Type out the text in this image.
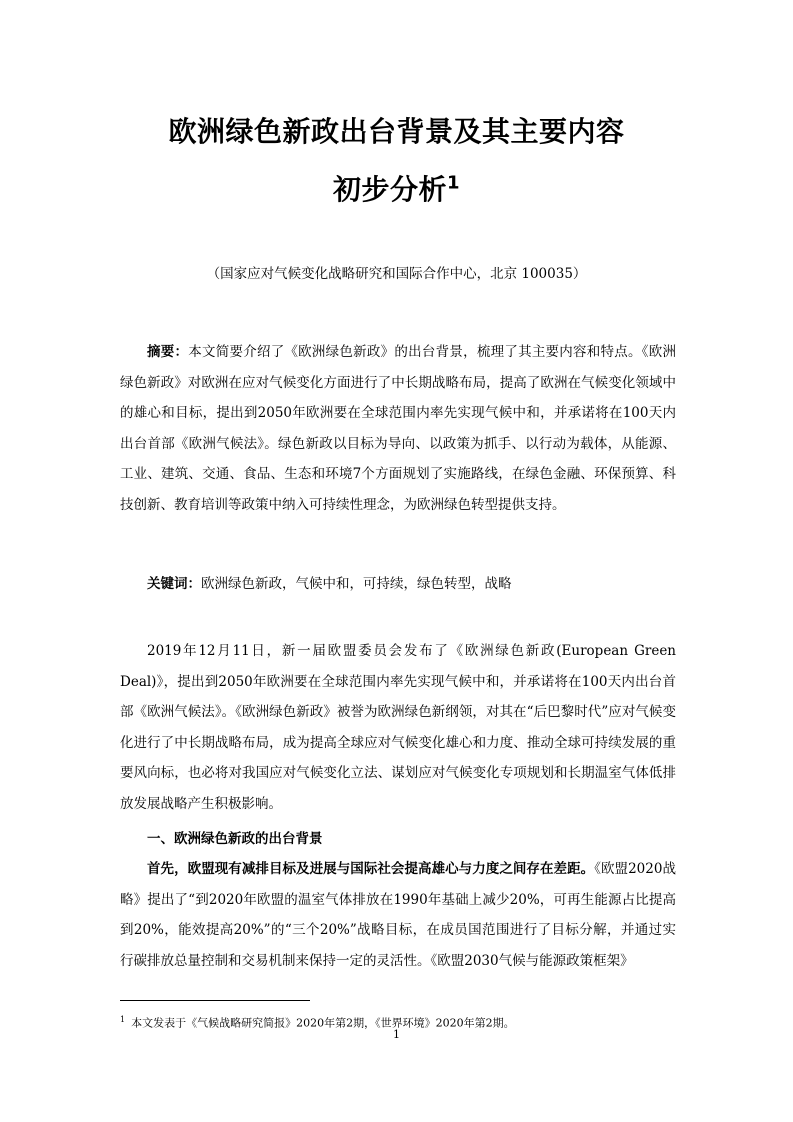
欧洲绿色新政出台背景及其主要内容
初步分析$^1$
（国家应对气候变化战略研究和国际合作中心，北京 100035）

摘要：本文简要介绍了《欧洲绿色新政》的出台背景，梳理了其主要内容和特点。《欧洲绿色新政》对欧洲在应对气候变化方面进行了中长期战略布局，提高了欧洲在气候变化领域中的雄心和目标，提出到2050年欧洲要在全球范围内率先实现气候中和，并承诺将在100天内出台首部《欧洲气候法》。绿色新政以目标为导向、以政策为抓手、以行动为载体，从能源、工业、建筑、交通、食品、生态和环境7个方面规划了实施路线，在绿色金融、环保预算、科技创新、教育培训等政策中纳入可持续性理念，为欧洲绿色转型提供支持。

关键词：欧洲绿色新政，气候中和，可持续，绿色转型，战略

2019年12月11日，新一届欧盟委员会发布了《欧洲绿色新政(European Green Deal)》，提出到2050年欧洲要在全球范围内率先实现气候中和，并承诺将在100天内出台首部《欧洲气候法》。《欧洲绿色新政》被誉为欧洲绿色新纲领，对其在“后巴黎时代”应对气候变化进行了中长期战略布局，成为提高全球应对气候变化雄心和力度、推动全球可持续发展的重要风向标，也必将对我国应对气候变化立法、谋划应对气候变化专项规划和长期温室气体低排放发展战略产生积极影响。

一、欧洲绿色新政的出台背景

首先，欧盟现有减排目标及进展与国际社会提高雄心与力度之间存在差距。《欧盟2020战略》提出了“到2020年欧盟的温室气体排放在1990年基础上减少20%，可再生能源占比提高到20%，能效提高20%”的“三个20%”战略目标，在成员国范围进行了目标分解，并通过实行碳排放总量控制和交易机制来保持一定的灵活性。《欧盟2030气候与能源政策框架》

$^1$ 本文发表于《气候战略研究简报》2020年第2期，《世界环境》2020年第2期。
1
